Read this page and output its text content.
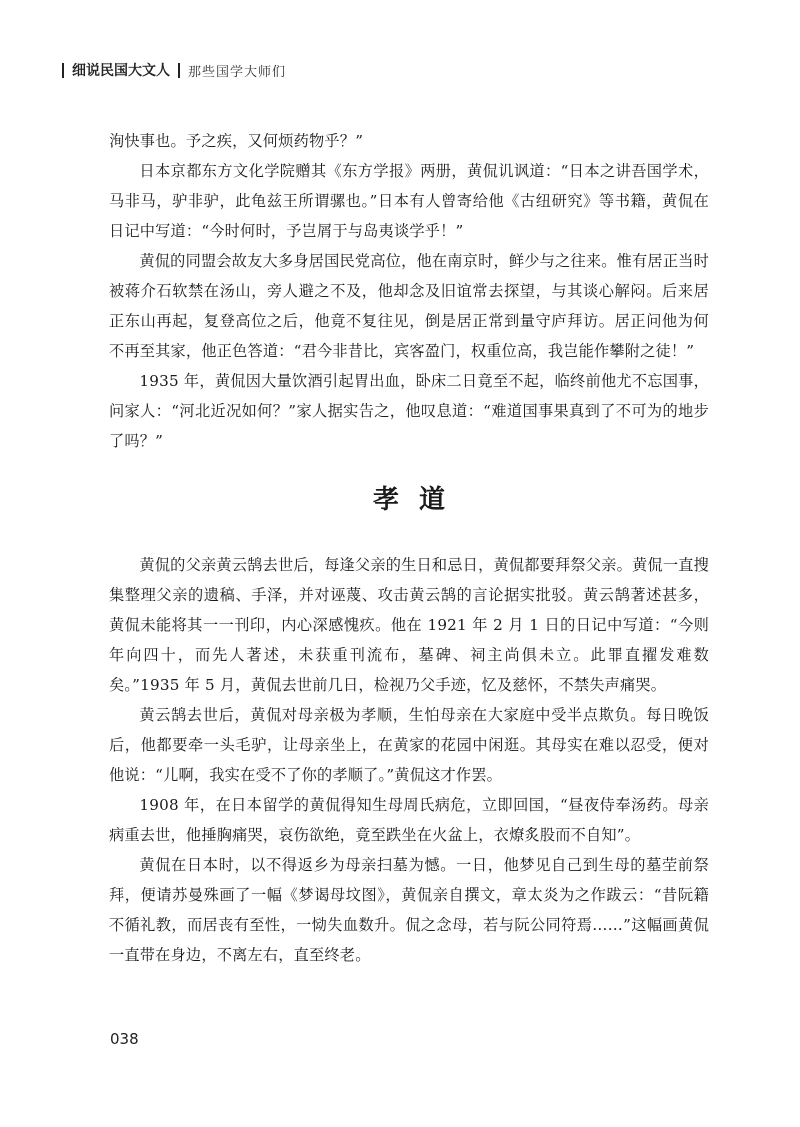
细说民国大文人 那些国学大师们

洵快事也。予之疾，又何烦药物乎？”

日本京都东方文化学院赠其《东方学报》两册，黄侃讥讽道：“日本之讲吾国学术，马非马，驴非驴，此龟兹王所谓骡也。”日本有人曾寄给他《古纽研究》等书籍，黄侃在日记中写道：“今时何时，予岂屑于与岛夷谈学乎！”

黄侃的同盟会故友大多身居国民党高位，他在南京时，鲜少与之往来。惟有居正当时被蒋介石软禁在汤山，旁人避之不及，他却念及旧谊常去探望，与其谈心解闷。后来居正东山再起，复登高位之后，他竟不复往见，倒是居正常到量守庐拜访。居正问他为何不再至其家，他正色答道：“君今非昔比，宾客盈门，权重位高，我岂能作攀附之徒！”

1935 年，黄侃因大量饮酒引起胃出血，卧床二日竟至不起，临终前他尤不忘国事，问家人：“河北近况如何？”家人据实告之，他叹息道：“难道国事果真到了不可为的地步了吗？”

孝道

黄侃的父亲黄云鹄去世后，每逢父亲的生日和忌日，黄侃都要拜祭父亲。黄侃一直搜集整理父亲的遗稿、手泽，并对诬蔑、攻击黄云鹄的言论据实批驳。黄云鹄著述甚多，黄侃未能将其一一刊印，内心深感愧疚。他在 1921 年 2 月 1 日的日记中写道：“今则年向四十，而先人著述，未获重刊流布，墓碑、祠主尚俱未立。此罪直擢发难数矣。”1935 年 5 月，黄侃去世前几日，检视乃父手迹，忆及慈怀，不禁失声痛哭。

黄云鹄去世后，黄侃对母亲极为孝顺，生怕母亲在大家庭中受半点欺负。每日晚饭后，他都要牵一头毛驴，让母亲坐上，在黄家的花园中闲逛。其母实在难以忍受，便对他说：“儿啊，我实在受不了你的孝顺了。”黄侃这才作罢。

1908 年，在日本留学的黄侃得知生母周氏病危，立即回国，“昼夜侍奉汤药。母亲病重去世，他捶胸痛哭，哀伤欲绝，竟至跌坐在火盆上，衣燎炙股而不自知”。

黄侃在日本时，以不得返乡为母亲扫墓为憾。一日，他梦见自己到生母的墓茔前祭拜，便请苏曼殊画了一幅《梦谒母坟图》，黄侃亲自撰文，章太炎为之作跋云：“昔阮籍不循礼教，而居丧有至性，一恸失血数升。侃之念母，若与阮公同符焉……”这幅画黄侃一直带在身边，不离左右，直至终老。

038
